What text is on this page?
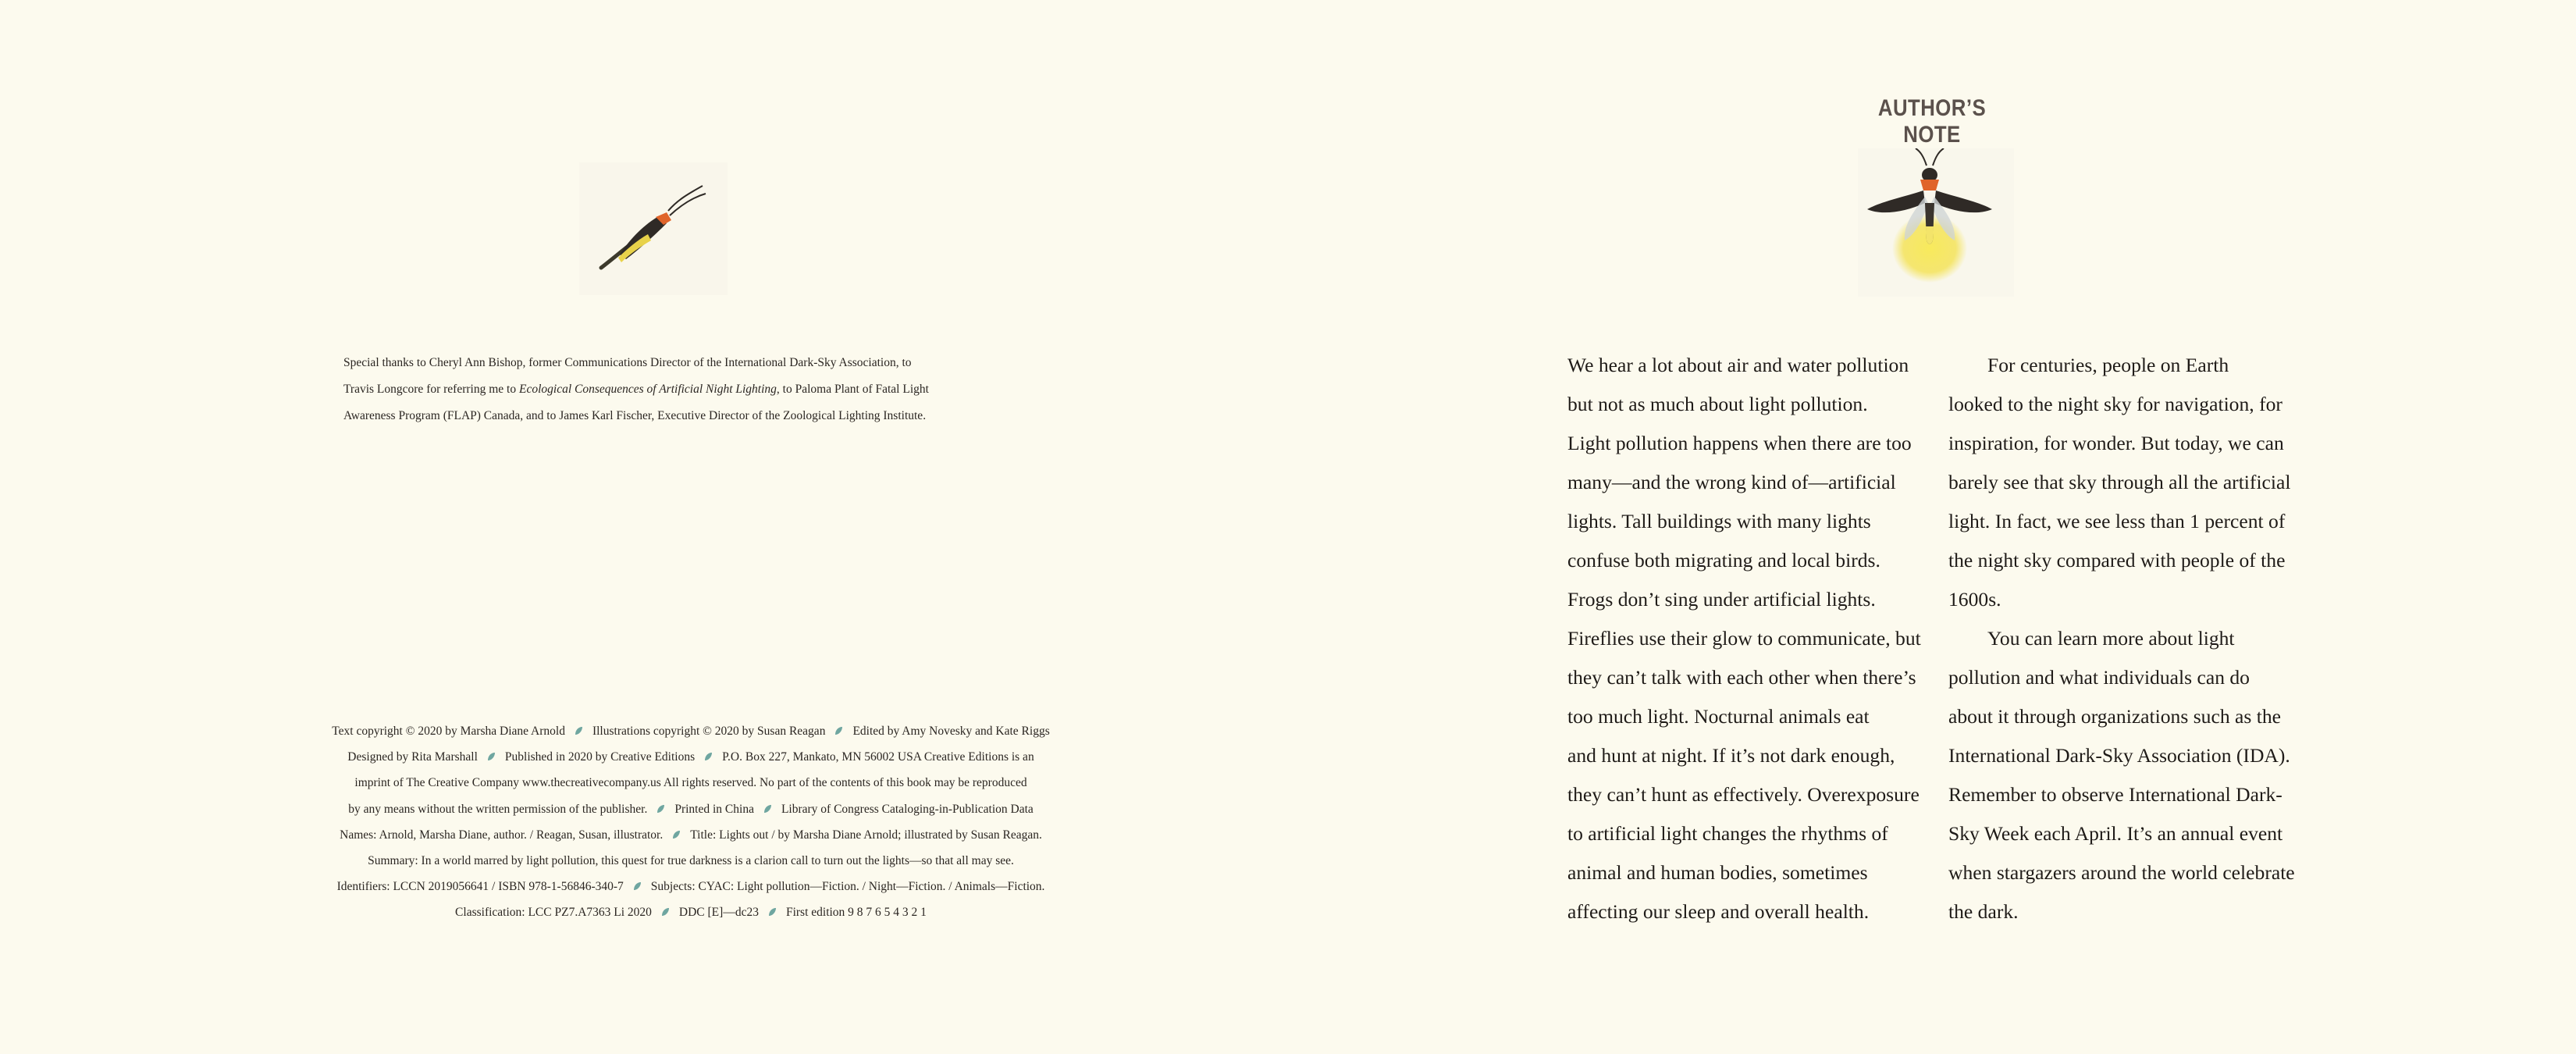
Special thanks to Cheryl Ann Bishop, former Communications Director of the International Dark-Sky Association, to Travis Longcore for referring me to Ecological Consequences of Artificial Night Lighting, to Paloma Plant of Fatal Light Awareness Program (FLAP) Canada, and to James Karl Fischer, Executive Director of the Zoological Lighting Institute.
Text copyright © 2020 by Marsha Diane Arnold Illustrations copyright © 2020 by Susan Reagan Edited by Amy Novesky and Kate Riggs
Designed by Rita Marshall Published in 2020 by Creative Editions P.O. Box 227, Mankato, MN 56002 USA Creative Editions is an
imprint of The Creative Company www.thecreativecompany.us All rights reserved. No part of the contents of this book may be reproduced
by any means without the written permission of the publisher. Printed in China Library of Congress Cataloging-in-Publication Data
Names: Arnold, Marsha Diane, author. / Reagan, Susan, illustrator. Title: Lights out / by Marsha Diane Arnold; illustrated by Susan Reagan.
Summary: In a world marred by light pollution, this quest for true darkness is a clarion call to turn out the lights—so that all may see.
Identifiers: LCCN 2019056641 / ISBN 978-1-56846-340-7 Subjects: CYAC: Light pollution—Fiction. / Night—Fiction. / Animals—Fiction.
Classification: LCC PZ7.A7363 Li 2020 DDC [E]—dc23 First edition 9 8 7 6 5 4 3 2 1
AUTHOR’S NOTE

We hear a lot about air and water pollution

but not as much about light pollution.

Light pollution happens when there are too

many—and the wrong kind of—artificial

lights. Tall buildings with many lights

confuse both migrating and local birds.

Frogs don’t sing under artificial lights.

Fireflies use their glow to communicate, but

they can’t talk with each other when there’s

too much light. Nocturnal animals eat

and hunt at night. If it’s not dark enough,

they can’t hunt as effectively. Overexposure

to artificial light changes the rhythms of

animal and human bodies, sometimes

affecting our sleep and overall health.

For centuries, people on Earth

looked to the night sky for navigation, for

inspiration, for wonder. But today, we can

barely see that sky through all the artificial

light. In fact, we see less than 1 percent of

the night sky compared with people of the

1600s.

You can learn more about light

pollution and what individuals can do

about it through organizations such as the

International Dark-Sky Association (IDA).

Remember to observe International Dark-

Sky Week each April. It’s an annual event

when stargazers around the world celebrate

the dark.
